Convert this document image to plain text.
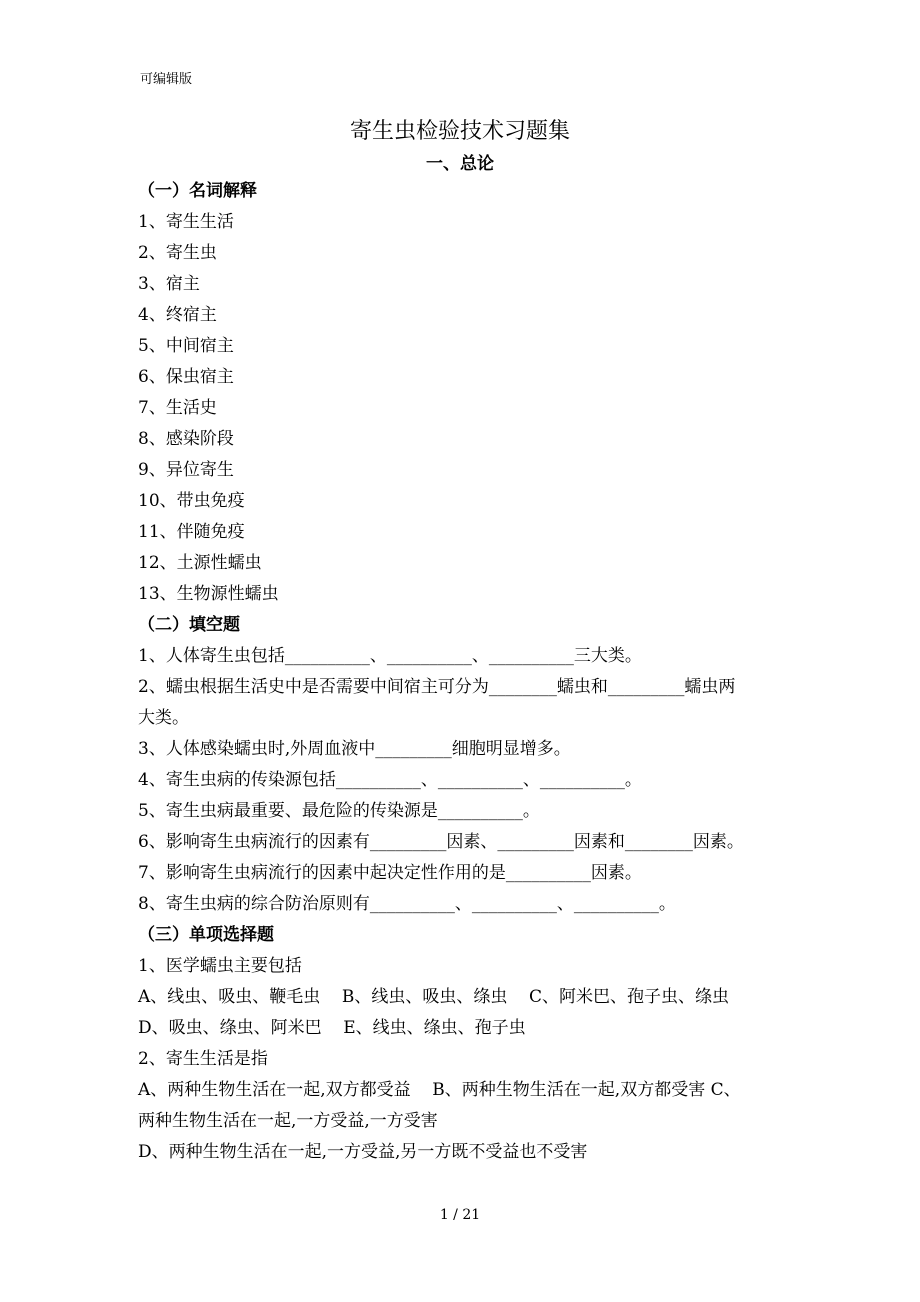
可编辑版
寄生虫检验技术习题集
一、总论
（一）名词解释
1、寄生生活
2、寄生虫
3、宿主
4、终宿主
5、中间宿主
6、保虫宿主
7、生活史
8、感染阶段
9、异位寄生
10、带虫免疫
11、伴随免疫
12、土源性蠕虫
13、生物源性蠕虫
（二）填空题
1、人体寄生虫包括__________、__________、__________三大类。
2、蠕虫根据生活史中是否需要中间宿主可分为________蠕虫和_________蠕虫两
大类。
3、人体感染蠕虫时,外周血液中_________细胞明显增多。
4、寄生虫病的传染源包括__________、__________、__________。
5、寄生虫病最重要、最危险的传染源是__________。
6、影响寄生虫病流行的因素有_________因素、_________因素和________因素。
7、影响寄生虫病流行的因素中起决定性作用的是__________因素。
8、寄生虫病的综合防治原则有__________、__________、__________。
（三）单项选择题
1、医学蠕虫主要包括
A、线虫、吸虫、鞭毛虫    B、线虫、吸虫、绦虫    C、阿米巴、孢子虫、绦虫
D、吸虫、绦虫、阿米巴    E、线虫、绦虫、孢子虫
2、寄生生活是指
A、两种生物生活在一起,双方都受益    B、两种生物生活在一起,双方都受害 C、
两种生物生活在一起,一方受益,一方受害
D、两种生物生活在一起,一方受益,另一方既不受益也不受害
1 / 21
